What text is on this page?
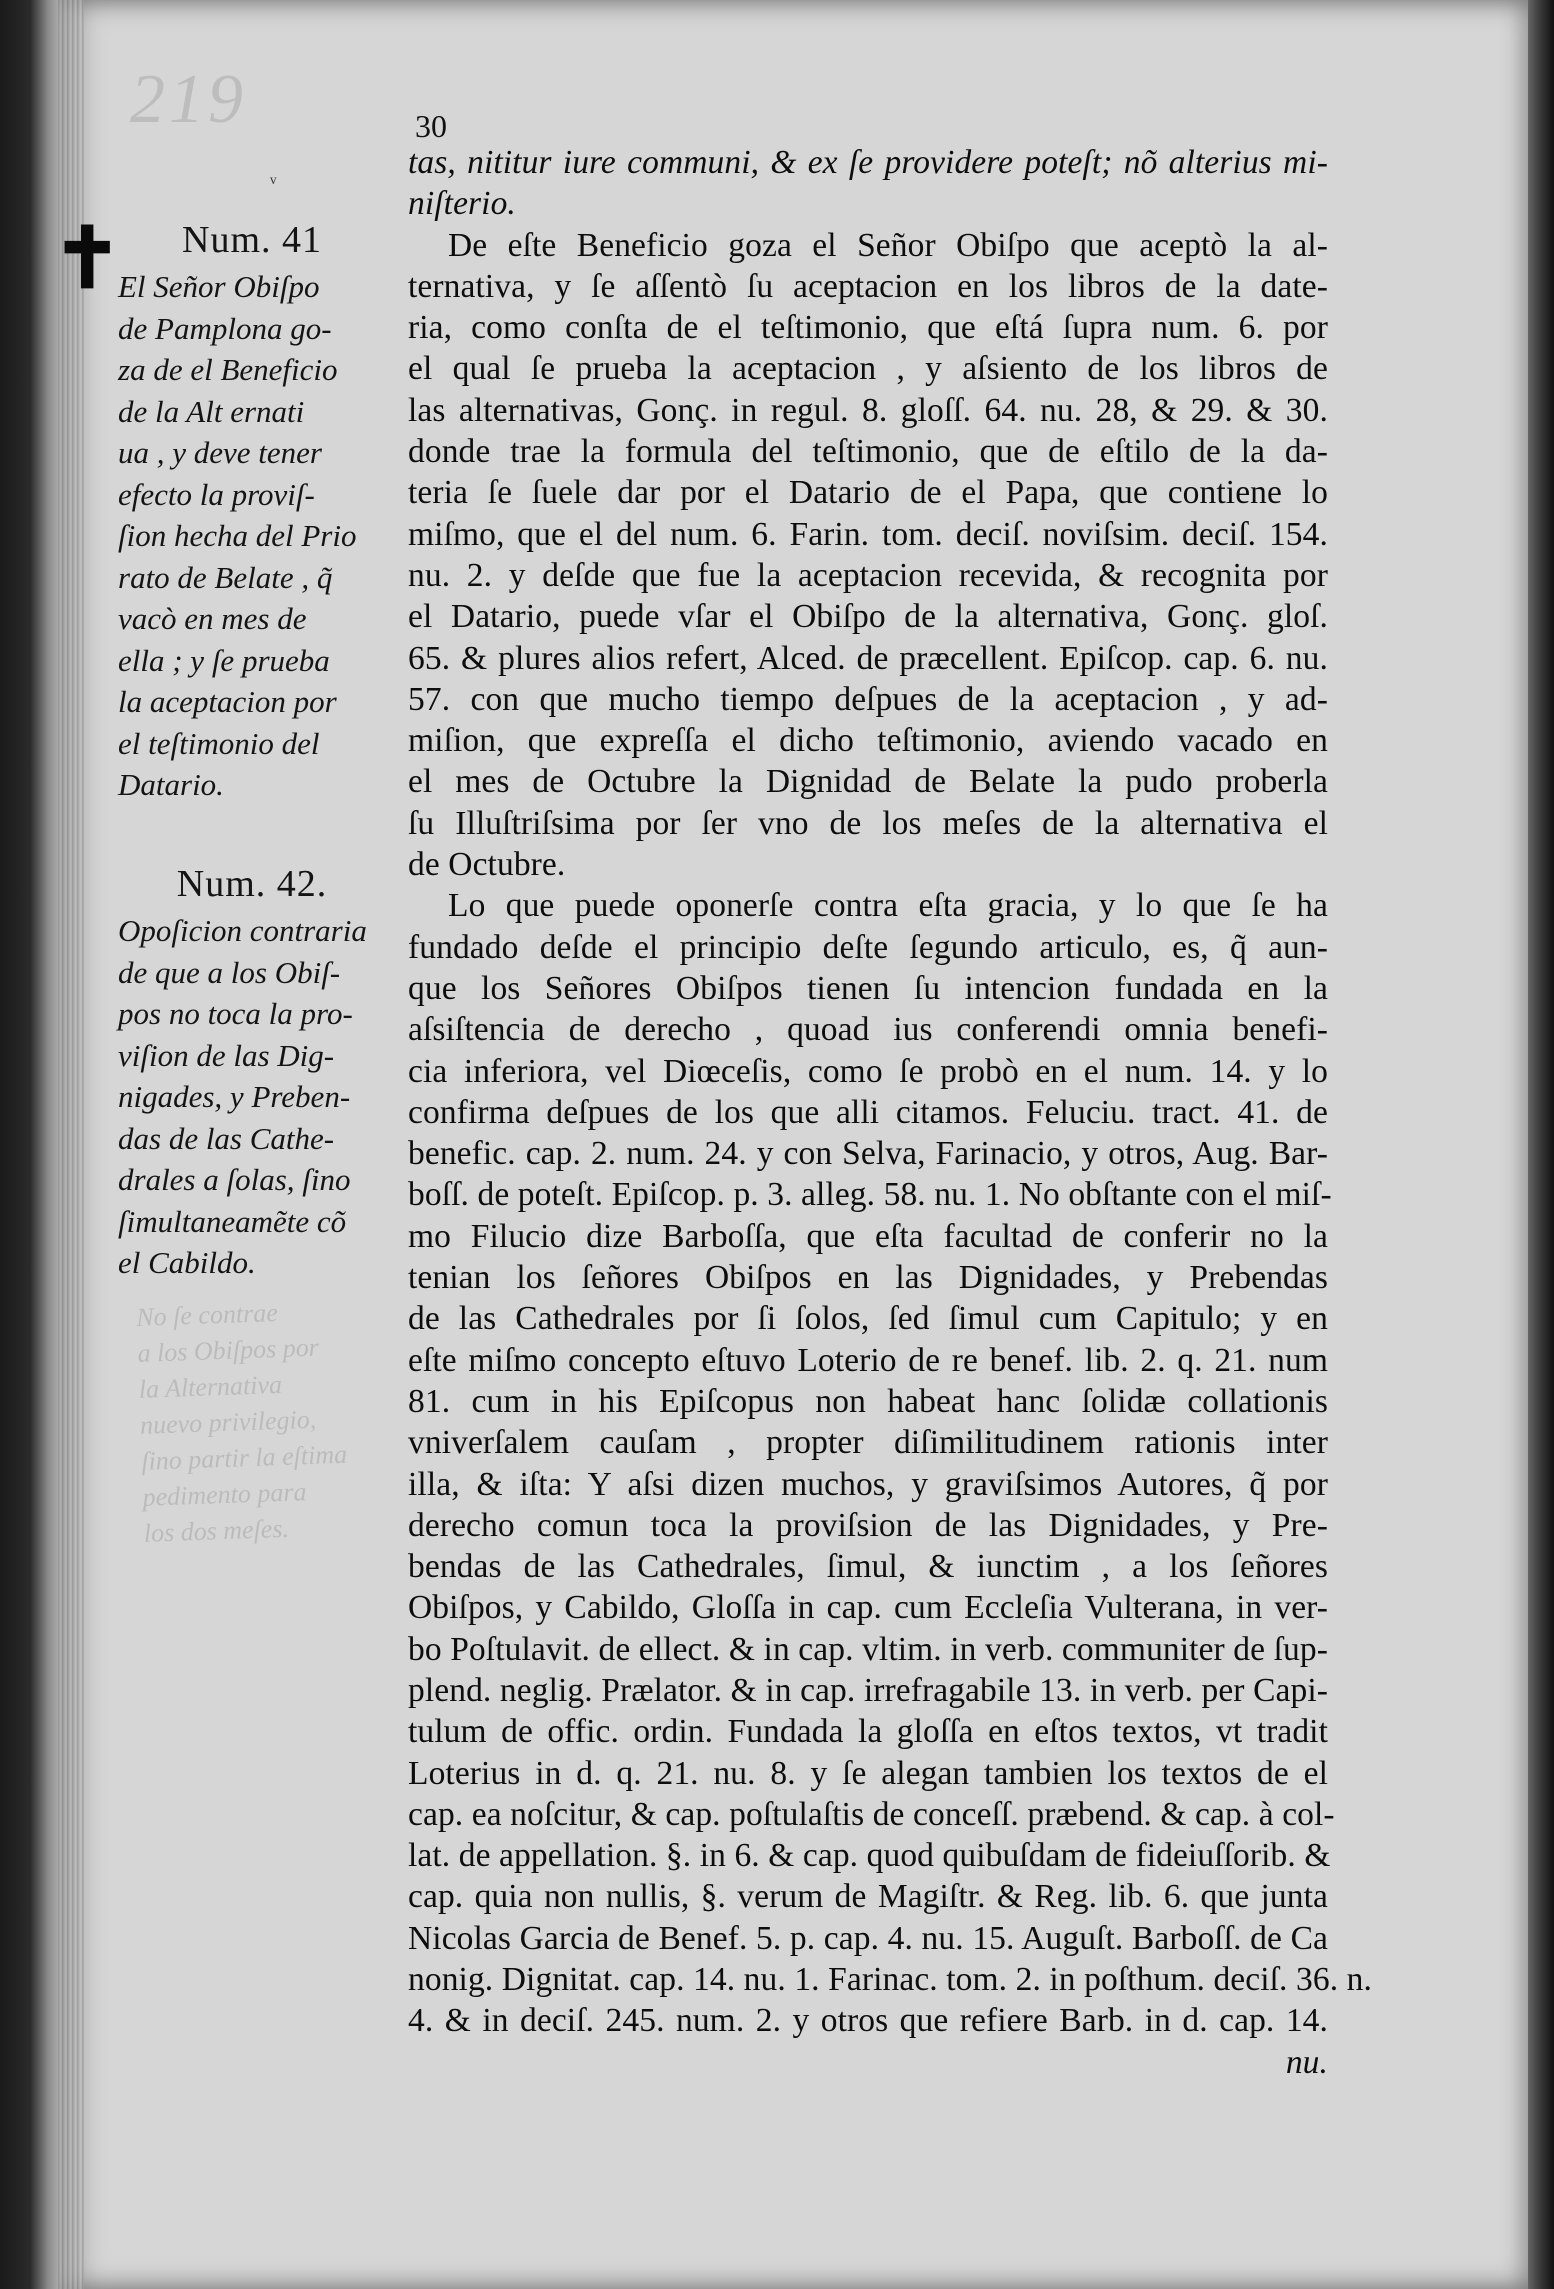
219	30
✝
ᵛ
No ſe contrae
a los Obiſpos por
la Alternativa
nuevo privilegio,
ſino partir la eſtima
pedimento para
los dos meſes.
Num. 41
El Señor Obiſpo
de Pamplona go-
za de el Beneficio
de la Alt ernati
ua , y deve tener
efecto la proviſ-
ſion hecha del Prio
rato de Belate , q̃
vacò en mes de
ella ; y ſe prueba
la aceptacion por
el teſtimonio del
Datario.
Num. 42.
Opoſicion contraria
de que a los Obiſ-
pos no toca la pro-
viſion de las Dig-
nigades, y Preben-
das de las Cathe-
drales a ſolas, ſino
ſimultaneamẽte cõ
el Cabildo.
tas, nititur iure communi, & ex ſe providere poteſt; nõ alterius mi-
niſterio.
De eſte Beneficio goza el Señor Obiſpo que aceptò la al-
ternativa, y ſe aſſentò ſu aceptacion en los libros de la date-
ria, como conſta de el teſtimonio, que eſtá ſupra num. 6. por
el qual ſe prueba la aceptacion , y aſsiento de los libros de
las alternativas, Gonç. in regul. 8. gloſſ. 64. nu. 28, & 29. & 30.
donde trae la formula del teſtimonio, que de eſtilo de la da-
teria ſe ſuele dar por el Datario de el Papa, que contiene lo
miſmo, que el del num. 6. Farin. tom. deciſ. noviſsim. deciſ. 154.
nu. 2. y deſde que fue la aceptacion recevida, & recognita por
el Datario, puede vſar el Obiſpo de la alternativa, Gonç. gloſ.
65. & plures alios refert, Alced. de præcellent. Epiſcop. cap. 6. nu.
57. con que mucho tiempo deſpues de la aceptacion , y ad-
miſion, que expreſſa el dicho teſtimonio, aviendo vacado en
el mes de Octubre la Dignidad de Belate la pudo proberla
ſu Illuſtriſsima por ſer vno de los meſes de la alternativa el
de Octubre.
Lo que puede oponerſe contra eſta gracia, y lo que ſe ha
fundado deſde el principio deſte ſegundo articulo, es, q̃ aun-
que los Señores Obiſpos tienen ſu intencion fundada en la
aſsiſtencia de derecho , quoad ius conferendi omnia benefi-
cia inferiora, vel Diœceſis, como ſe probò en el num. 14. y lo
confirma deſpues de los que alli citamos. Feluciu. tract. 41. de
benefic. cap. 2. num. 24. y con Selva, Farinacio, y otros, Aug. Bar-
boſſ. de poteſt. Epiſcop. p. 3. alleg. 58. nu. 1. No obſtante con el miſ-
mo Filucio dize Barboſſa, que eſta facultad de conferir no la
tenian los ſeñores Obiſpos en las Dignidades, y Prebendas
de las Cathedrales por ſi ſolos, ſed ſimul cum Capitulo; y en
eſte miſmo concepto eſtuvo Loterio de re benef. lib. 2. q. 21. num
81. cum in his Epiſcopus non habeat hanc ſolidæ collationis
vniverſalem cauſam , propter diſimilitudinem rationis inter
illa, & iſta: Y aſsi dizen muchos, y graviſsimos Autores, q̃ por
derecho comun toca la proviſsion de las Dignidades, y Pre-
bendas de las Cathedrales, ſimul, & iunctim , a los ſeñores
Obiſpos, y Cabildo, Gloſſa in cap. cum Eccleſia Vulterana, in ver-
bo Poſtulavit. de ellect. & in cap. vltim. in verb. communiter de ſup-
plend. neglig. Prælator. & in cap. irrefragabile 13. in verb. per Capi-
tulum de offic. ordin. Fundada la gloſſa en eſtos textos, vt tradit
Loterius in d. q. 21. nu. 8. y ſe alegan tambien los textos de el
cap. ea noſcitur, & cap. poſtulaſtis de conceſſ. præbend. & cap. à col-
lat. de appellation. §. in 6. & cap. quod quibuſdam de fideiuſſorib. &
cap. quia non nullis, §. verum de Magiſtr. & Reg. lib. 6. que junta
Nicolas Garcia de Benef. 5. p. cap. 4. nu. 15. Auguſt. Barboſſ. de Ca
nonig. Dignitat. cap. 14. nu. 1. Farinac. tom. 2. in poſthum. deciſ. 36. n.
4. & in deciſ. 245. num. 2. y otros que refiere Barb. in d. cap. 14.
nu.
